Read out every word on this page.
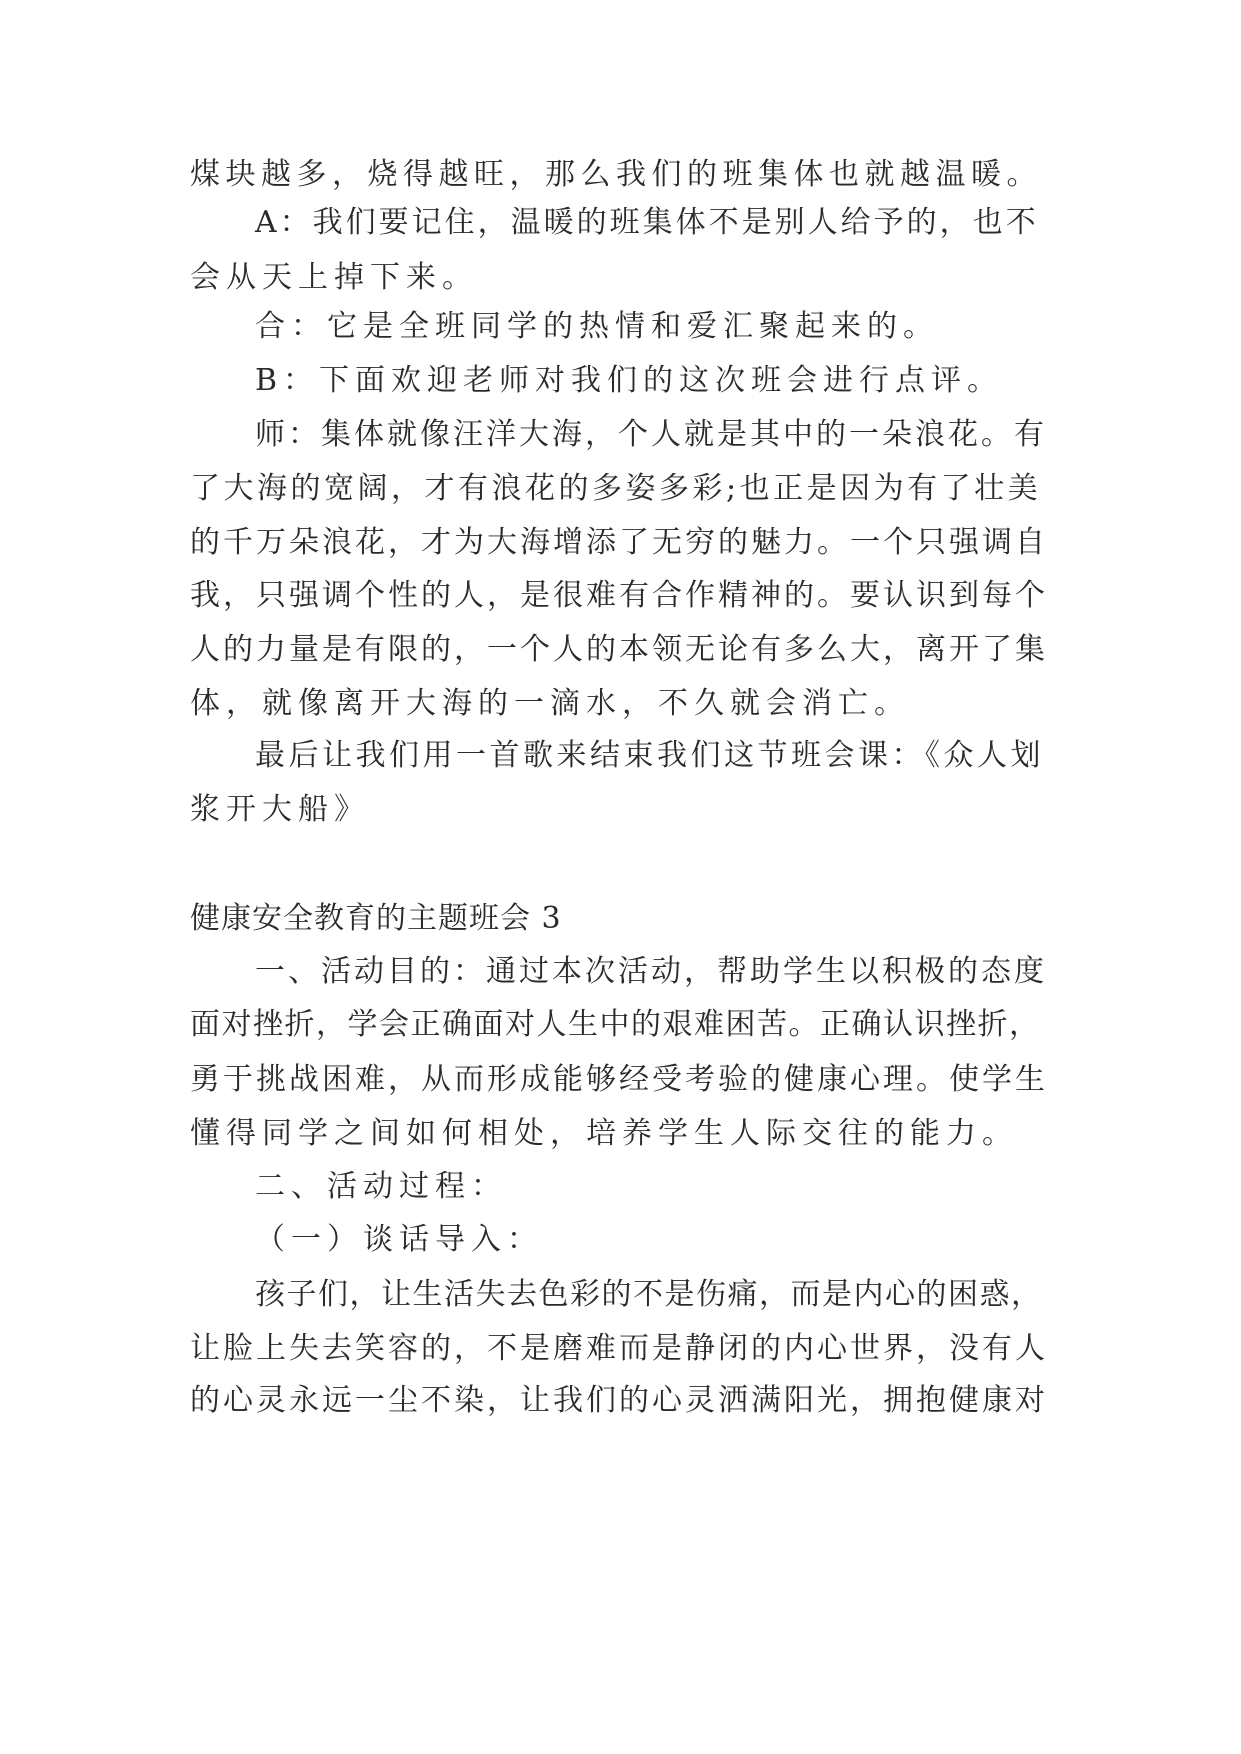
煤块越多，烧得越旺，那么我们的班集体也就越温暖。
A：我们要记住，温暖的班集体不是别人给予的，也不
会从天上掉下来。
合：它是全班同学的热情和爱汇聚起来的。
B：下面欢迎老师对我们的这次班会进行点评。
师：集体就像汪洋大海，个人就是其中的一朵浪花。有
了大海的宽阔，才有浪花的多姿多彩;也正是因为有了壮美
的千万朵浪花，才为大海增添了无穷的魅力。一个只强调自
我，只强调个性的人，是很难有合作精神的。要认识到每个
人的力量是有限的，一个人的本领无论有多么大，离开了集
体，就像离开大海的一滴水，不久就会消亡。
最后让我们用一首歌来结束我们这节班会课：《众人划
浆开大船》
健康安全教育的主题班会 3
一、活动目的：通过本次活动，帮助学生以积极的态度
面对挫折，学会正确面对人生中的艰难困苦。正确认识挫折，
勇于挑战困难，从而形成能够经受考验的健康心理。使学生
懂得同学之间如何相处，培养学生人际交往的能力。
二、活动过程：
（一）谈话导入：
孩子们，让生活失去色彩的不是伤痛，而是内心的困惑，
让脸上失去笑容的，不是磨难而是静闭的内心世界，没有人
的心灵永远一尘不染，让我们的心灵洒满阳光，拥抱健康对
